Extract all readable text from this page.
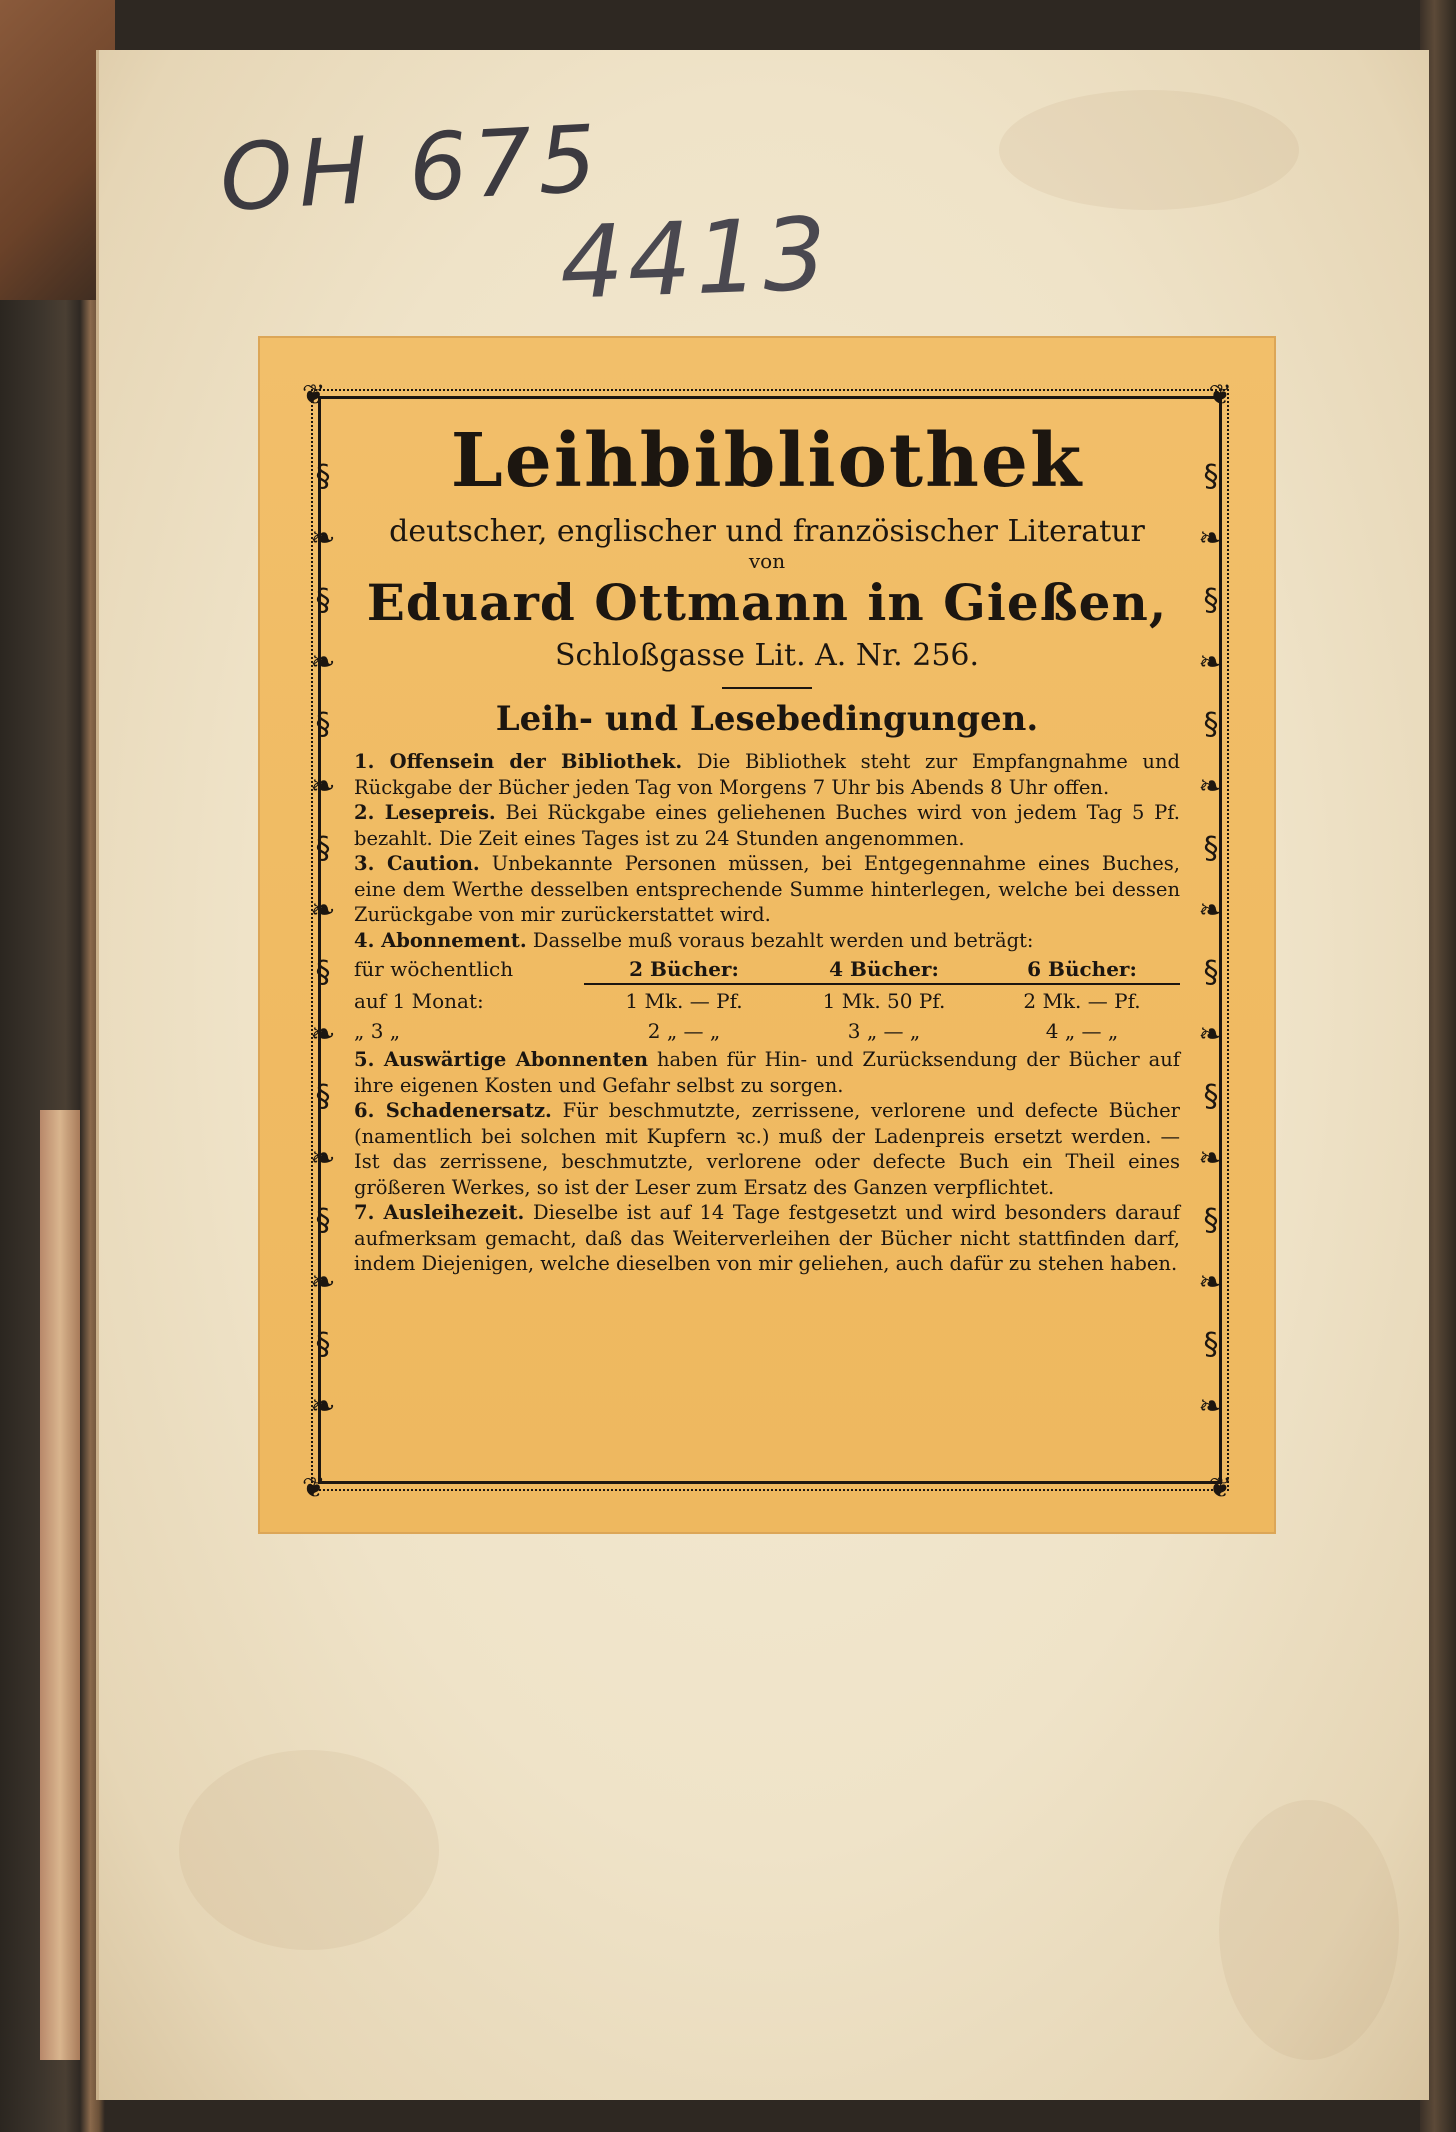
OH 675
4413
❦	❦
❦	❦
§
❧
§
❧
§
❧
§
❧
§
❧
§
❧
§
❧
§
❧
§
❧
§
❧
§
❧
§
❧
§
❧
§
❧
§
❧
§
❧
Leihbibliothek

deutscher, englischer und französischer Literatur

von

Eduard Ottmann in Gießen,

Schloßgasse Lit. A. Nr. 256.

Leih- und Lesebedingungen.

1. Offensein der Bibliothek. Die Bibliothek steht zur Empfangnahme und Rückgabe der Bücher jeden Tag von Morgens 7 Uhr bis Abends 8 Uhr offen.

2. Lesepreis. Bei Rückgabe eines geliehenen Buches wird von jedem Tag 5 Pf. bezahlt. Die Zeit eines Tages ist zu 24 Stunden angenommen.

3. Caution. Unbekannte Personen müssen, bei Entgegennahme eines Buches, eine dem Werthe desselben entsprechende Summe hinterlegen, welche bei dessen Zurückgabe von mir zurückerstattet wird.

4. Abonnement. Dasselbe muß voraus bezahlt werden und beträgt:

für wöchentlich	2 Bücher:	4 Bücher:	6 Bücher:
auf 1 Monat:	1 Mk. — Pf.	1 Mk. 50 Pf.	2 Mk. — Pf.
„ 3 „	2 „ — „	3 „ — „	4 „ — „

5. Auswärtige Abonnenten haben für Hin- und Zurücksendung der Bücher auf ihre eigenen Kosten und Gefahr selbst zu sorgen.

6. Schadenersatz. Für beschmutzte, zerrissene, verlorene und defecte Bücher (namentlich bei solchen mit Kupfern ꝛc.) muß der Ladenpreis ersetzt werden. — Ist das zerrissene, beschmutzte, verlorene oder defecte Buch ein Theil eines größeren Werkes, so ist der Leser zum Ersatz des Ganzen verpflichtet.

7. Ausleihezeit. Dieselbe ist auf 14 Tage festgesetzt und wird besonders darauf aufmerksam gemacht, daß das Weiterverleihen der Bücher nicht stattfinden darf, indem Diejenigen, welche dieselben von mir geliehen, auch dafür zu stehen haben.
